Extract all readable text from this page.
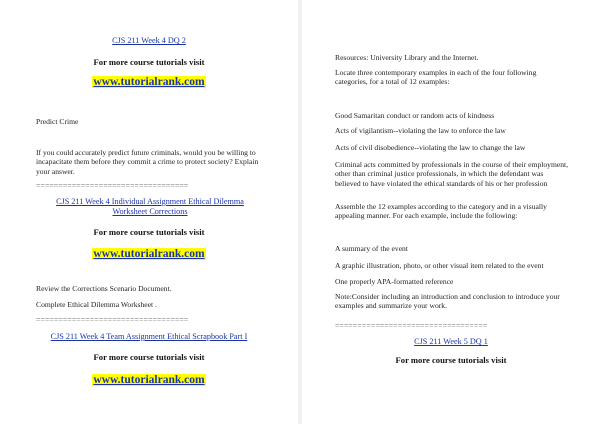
CJS 211 Week 4 DQ 2
For more course tutorials visit
www.tutorialrank.com
Predict Crime
If you could accurately predict future criminals, would you be willing to incapacitate them before they commit a crime to protect society? Explain your answer.
==================================
CJS 211 Week 4 Individual Assignment Ethical Dilemma Worksheet Corrections
For more course tutorials visit
www.tutorialrank.com
Review the Corrections Scenario Document.
Complete Ethical Dilemma Worksheet .
==================================
CJS 211 Week 4 Team Assignment Ethical Scrapbook Part I
For more course tutorials visit
www.tutorialrank.com
Resources: University Library and the Internet.
Locate three contemporary examples in each of the four following categories, for a total of 12 examples:
Good Samaritan conduct or random acts of kindness
Acts of vigilantism--violating the law to enforce the law
Acts of civil disobedience--violating the law to change the law
Criminal acts committed by professionals in the course of their employment, other than criminal justice professionals, in which the defendant was believed to have violated the ethical standards of his or her profession
Assemble the 12 examples according to the category and in a visually appealing manner. For each example, include the following:
A summary of the event
A graphic illustration, photo, or other visual item related to the event
One properly APA-formatted reference
Note:Consider including an introduction and conclusion to introduce your examples and summarize your work.
==================================
CJS 211 Week 5 DQ 1
For more course tutorials visit
